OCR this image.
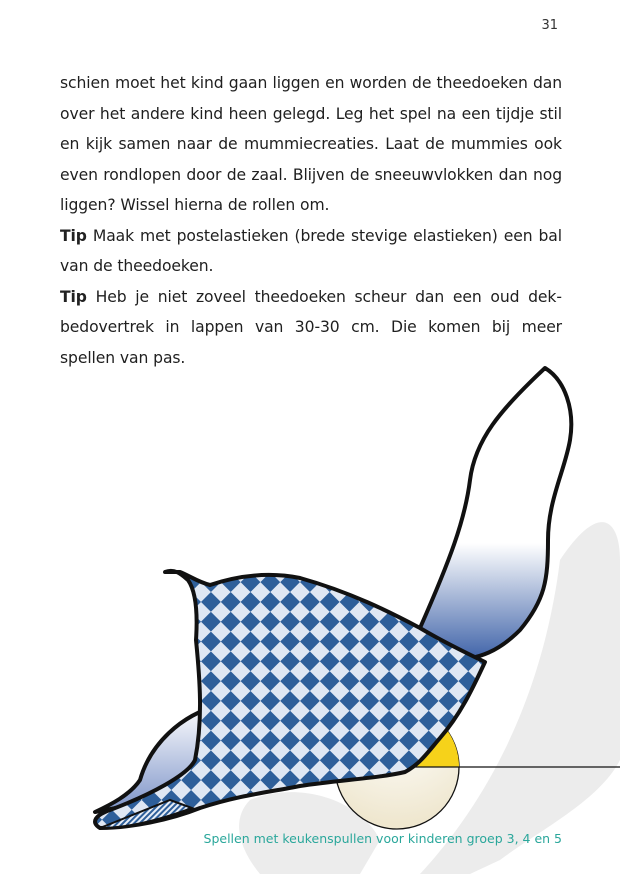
31

schien moet het kind gaan liggen en worden de theedoeken dan over het andere kind heen gelegd. Leg het spel na een tijdje stil en kijk samen naar de mummiecreaties. Laat de mummies ook even rondlopen door de zaal. Blijven de sneeuwvlokken dan nog liggen? Wissel hierna de rollen om.

Tip Maak met postelastieken (brede stevige elastieken) een bal van de theedoeken.

Tip Heb je niet zoveel theedoeken scheur dan een oud dekbedovertrek in lappen van 30-30 cm. Die komen bij meer spellen van pas.

Spellen met keukenspullen voor kinderen groep 3, 4 en 5
